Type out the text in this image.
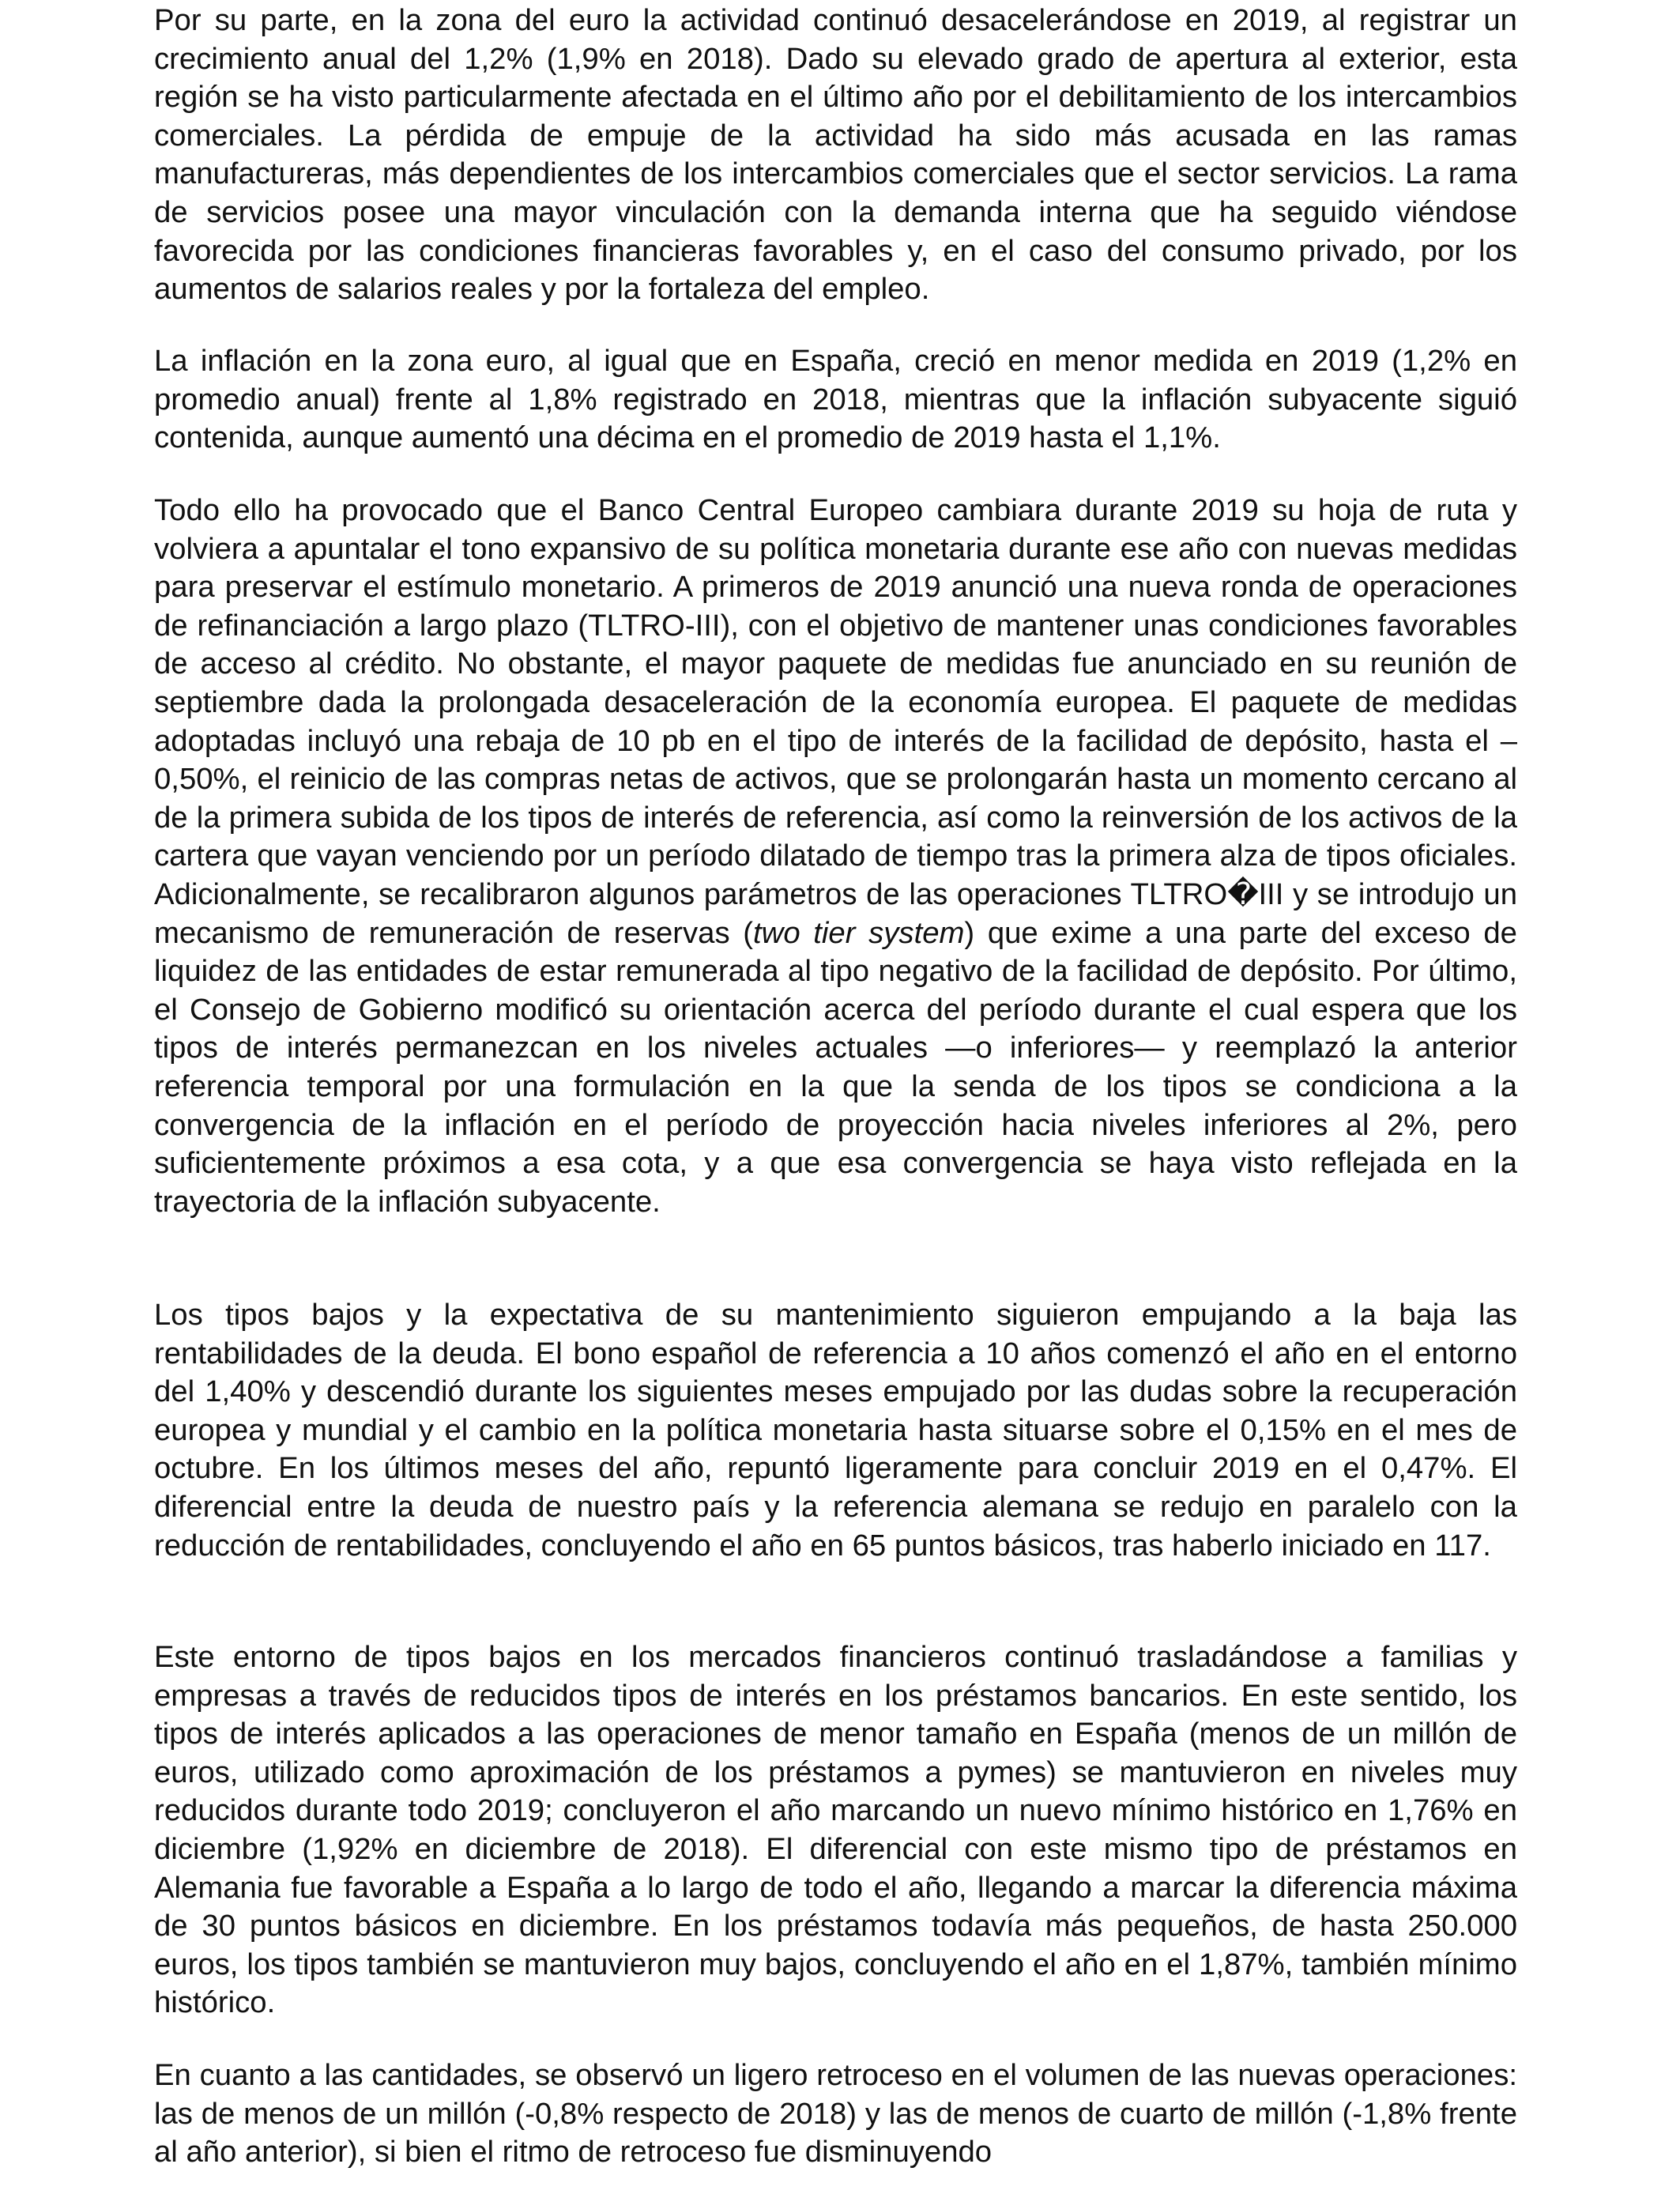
Por su parte, en la zona del euro la actividad continuó desacelerándose en 2019, al registrar un crecimiento anual del 1,2% (1,9% en 2018). Dado su elevado grado de apertura al exterior, esta región se ha visto particularmente afectada en el último año por el debilitamiento de los intercambios comerciales. La pérdida de empuje de la actividad ha sido más acusada en las ramas manufactureras, más dependientes de los intercambios comerciales que el sector servicios. La rama de servicios posee una mayor vinculación con la demanda interna que ha seguido viéndose favorecida por las condiciones financieras favorables y, en el caso del consumo privado, por los aumentos de salarios reales y por la fortaleza del empleo.

La inflación en la zona euro, al igual que en España, creció en menor medida en 2019 (1,2% en promedio anual) frente al 1,8% registrado en 2018, mientras que la inflación subyacente siguió contenida, aunque aumentó una décima en el promedio de 2019 hasta el 1,1%.

Todo ello ha provocado que el Banco Central Europeo cambiara durante 2019 su hoja de ruta y volviera a apuntalar el tono expansivo de su política monetaria durante ese año con nuevas medidas para preservar el estímulo monetario. A primeros de 2019 anunció una nueva ronda de operaciones de refinanciación a largo plazo (TLTRO-III), con el objetivo de mantener unas condiciones favorables de acceso al crédito. No obstante, el mayor paquete de medidas fue anunciado en su reunión de septiembre dada la prolongada desaceleración de la economía europea. El paquete de medidas adoptadas incluyó una rebaja de 10 pb en el tipo de interés de la facilidad de depósito, hasta el –0,50%, el reinicio de las compras netas de activos, que se prolongarán hasta un momento cercano al de la primera subida de los tipos de interés de referencia, así como la reinversión de los activos de la cartera que vayan venciendo por un período dilatado de tiempo tras la primera alza de tipos oficiales. Adicionalmente, se recalibraron algunos parámetros de las operaciones TLTRO⁠�III y se introdujo un mecanismo de remuneración de reservas (two tier system) que exime a una parte del exceso de liquidez de las entidades de estar remunerada al tipo negativo de la facilidad de depósito. Por último, el Consejo de Gobierno modificó su orientación acerca del período durante el cual espera que los tipos de interés permanezcan en los niveles actuales —o inferiores— y reemplazó la anterior referencia temporal por una formulación en la que la senda de los tipos se condiciona a la convergencia de la inflación en el período de proyección hacia niveles inferiores al 2%, pero suficientemente próximos a esa cota, y a que esa convergencia se haya visto reflejada en la trayectoria de la inflación subyacente.

Los tipos bajos y la expectativa de su mantenimiento siguieron empujando a la baja las rentabilidades de la deuda. El bono español de referencia a 10 años comenzó el año en el entorno del 1,40% y descendió durante los siguientes meses empujado por las dudas sobre la recuperación europea y mundial y el cambio en la política monetaria hasta situarse sobre el 0,15% en el mes de octubre. En los últimos meses del año, repuntó ligeramente para concluir 2019 en el 0,47%. El diferencial entre la deuda de nuestro país y la referencia alemana se redujo en paralelo con la reducción de rentabilidades, concluyendo el año en 65 puntos básicos, tras haberlo iniciado en 117.

Este entorno de tipos bajos en los mercados financieros continuó trasladándose a familias y empresas a través de reducidos tipos de interés en los préstamos bancarios. En este sentido, los tipos de interés aplicados a las operaciones de menor tamaño en España (menos de un millón de euros, utilizado como aproximación de los préstamos a pymes) se mantuvieron en niveles muy reducidos durante todo 2019; concluyeron el año marcando un nuevo mínimo histórico en 1,76% en diciembre (1,92% en diciembre de 2018). El diferencial con este mismo tipo de préstamos en Alemania fue favorable a España a lo largo de todo el año, llegando a marcar la diferencia máxima de 30 puntos básicos en diciembre. En los préstamos todavía más pequeños, de hasta 250.000 euros, los tipos también se mantuvieron muy bajos, concluyendo el año en el 1,87%, también mínimo histórico.

En cuanto a las cantidades, se observó un ligero retroceso en el volumen de las nuevas operaciones: las de menos de un millón (-0,8% respecto de 2018) y las de menos de cuarto de millón (-1,8% frente al año anterior), si bien el ritmo de retroceso fue disminuyendo
